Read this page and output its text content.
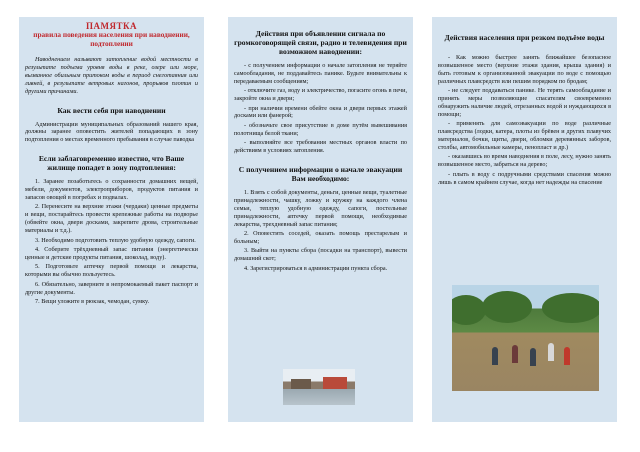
ПАМЯТКА
правила поведения населения при наводнении, подтоплении

Наводнением называют затопление водой местности в результате подъема уровня воды в реке, озере или море, вызванное обильным притоком воды в период снеготаяния или ливней, в результате ветровых нагонов, прорывов плотин и другими причинами.

Как вести себя при наводнении

Администрации муниципальных образований нашего края, должны заранее оповестить жителей попадающих в зону подтопления о местах временного пребывания в случае паводка

Если заблаговременно известно, что Ваше жилище попадет в зону подтопления:

1. Заранее позаботьтесь о сохранности домашних вещей, мебели, документов, электроприборов, продуктов питания и запасов овощей в погребах и подвалах.

2. Перенесите на верхние этажи (чердаки) ценные предметы и вещи, постарайтесь провести крепежные работы на подворье (обвейте окна, двери досками, закрепите дрова, строительные материалы и т.д.).

3. Необходимо подготовить теплую удобную одежду, сапоги.

4. Соберите трёхдневный запас питания (энергетически ценные и детские продукты питания, шоколад, воду).

5. Подготовьте аптечку первой помощи и лекарства, которыми вы обычно пользуетесь.

6. Обязательно, заверните в непромокаемый пакет паспорт и другие документы.

7. Вещи уложите в рюкзак, чемодан, сумку.

Действия при объявлении сигнала по громкоговорящей связи, радио и телевидения при возможном наводнении:

- с получением информации о начале затопления не теряйте самообладания, не поддавайтесь панике. Будьте внимательны к передаваемым сообщениям;

- отключите газ, воду и электричество, погасите огонь в печи, закройте окна и двери;

- при наличии времени обейте окна и двери первых этажей досками или фанерой;

- обозначьте свое присутствие в доме путём вывешивания полотнища белой ткани;

- выполняйте все требования местных органов власти по действиям в условиях затопления.

С получением информации о начале эвакуации Вам необходимо:

1. Взять с собой документы, деньги, ценные вещи, туалетные принадлежности, чашку, ложку и кружку на каждого члена семьи, теплую удобную одежду, сапоги, постельные принадлежности, аптечку первой помощи, необходимые лекарства, трехдневный запас питания;

2. Оповестить соседей, оказать помощь престарелым и больным;

3. Выйти на пункты сбора (посадки на транспорт), вывести домашний скот;

4. Зарегистрироваться в администрации пункта сбора.

Действия населения при резком подъёме воды

- Как можно быстрее занять ближайшее безопасное возвышенное место (верхние этажи здания, крыша здания) и быть готовым к организованной эвакуации по воде с помощью различных плавсредств или пешим порядком по бродам;

- не следует поддаваться панике. Не терять самообладание и принять меры позволяющие спасателям своевременно обнаружить наличие людей, отрезанных водой и нуждающихся в помощи;

- применять для самоэвакуации по воде различные плавсредства (лодки, катера, плоты из брёвен и других плавучих материалов, бочки, щиты, двери, обломки деревянных заборов, столбы, автомобильные камеры, пенопласт и др.)

- оказавшись во время наводнения в поле, лесу, нужно занять возвышенное место, забраться на дерево;

- плыть в воду с подручными средствами спасения можно лишь в самом крайнем случае, когда нет надежды на спасение
